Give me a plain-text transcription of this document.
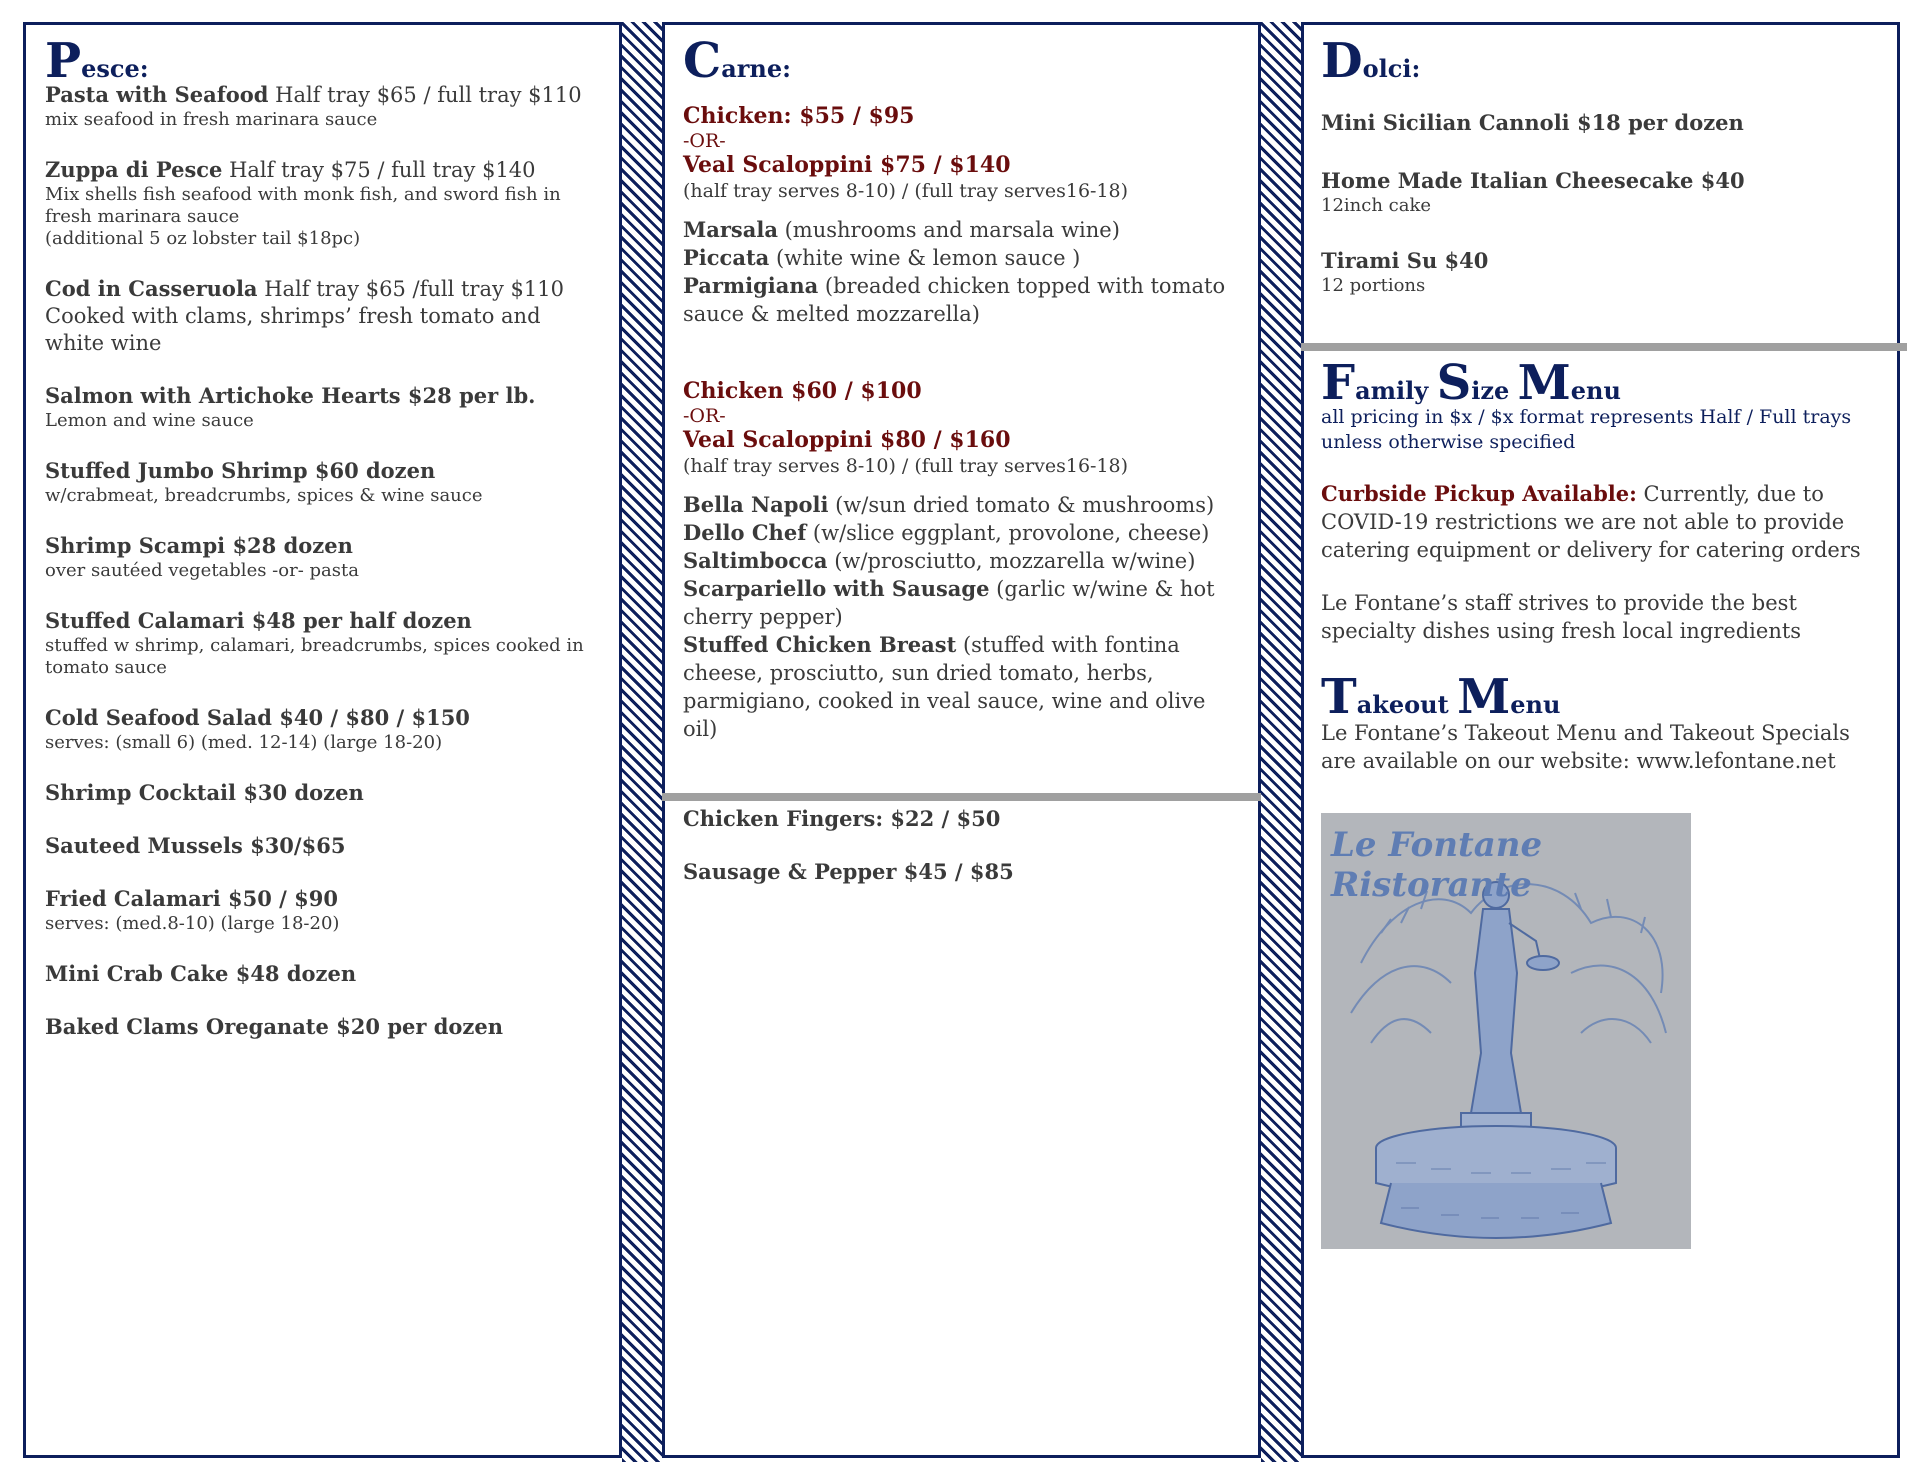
Pesce:
Pasta with Seafood Half tray $65 / full tray $110
mix seafood in fresh marinara sauce
Zuppa di Pesce Half tray $75 / full tray $140
Mix shells fish seafood with monk fish, and sword fish in fresh marinara sauce
(additional 5 oz lobster tail $18pc)
Cod in Casseruola Half tray $65 /full tray $110
Cooked with clams, shrimps’ fresh tomato and white wine
Salmon with Artichoke Hearts $28 per lb.
Lemon and wine sauce
Stuffed Jumbo Shrimp $60 dozen
w/crabmeat, breadcrumbs, spices & wine sauce
Shrimp Scampi $28 dozen
over sautéed vegetables -or- pasta
Stuffed Calamari $48 per half dozen
stuffed w shrimp, calamari, breadcrumbs, spices cooked in tomato sauce
Cold Seafood Salad $40 / $80 / $150
serves: (small 6) (med. 12-14) (large 18-20)
Shrimp Cocktail $30 dozen
Sauteed Mussels $30/$65
Fried Calamari $50 / $90
serves: (med.8-10) (large 18-20)
Mini Crab Cake $48 dozen
Baked Clams Oreganate $20 per dozen
Carne:
Chicken: $55 / $95
-OR-
Veal Scaloppini $75 / $140
(half tray serves 8-10) / (full tray serves16-18)
Marsala (mushrooms and marsala wine)
Piccata (white wine & lemon sauce )
Parmigiana (breaded chicken topped with tomato sauce & melted mozzarella)
Chicken $60 / $100
-OR-
Veal Scaloppini $80 / $160
(half tray serves 8-10) / (full tray serves16-18)
Bella Napoli (w/sun dried tomato & mushrooms)
Dello Chef (w/slice eggplant, provolone, cheese)
Saltimbocca (w/prosciutto, mozzarella w/wine)
Scarpariello with Sausage (garlic w/wine & hot cherry pepper)
Stuffed Chicken Breast (stuffed with fontina cheese, prosciutto, sun dried tomato, herbs, parmigiano, cooked in veal sauce, wine and olive oil)
Chicken Fingers: $22 / $50
Sausage & Pepper $45 / $85
Dolci:
Mini Sicilian Cannoli $18 per dozen
Home Made Italian Cheesecake $40
12inch cake
Tirami Su $40
12 portions
Family Size Menu
all pricing in $x / $x format represents Half / Full trays unless otherwise specified
Curbside Pickup Available: Currently, due to COVID-19 restrictions we are not able to provide catering equipment or delivery for catering orders
Le Fontane’s staff strives to provide the best specialty dishes using fresh local ingredients
Takeout Menu
Le Fontane’s Takeout Menu and Takeout Specials are available on our website: www.lefontane.net
Le Fontane Ristorante
